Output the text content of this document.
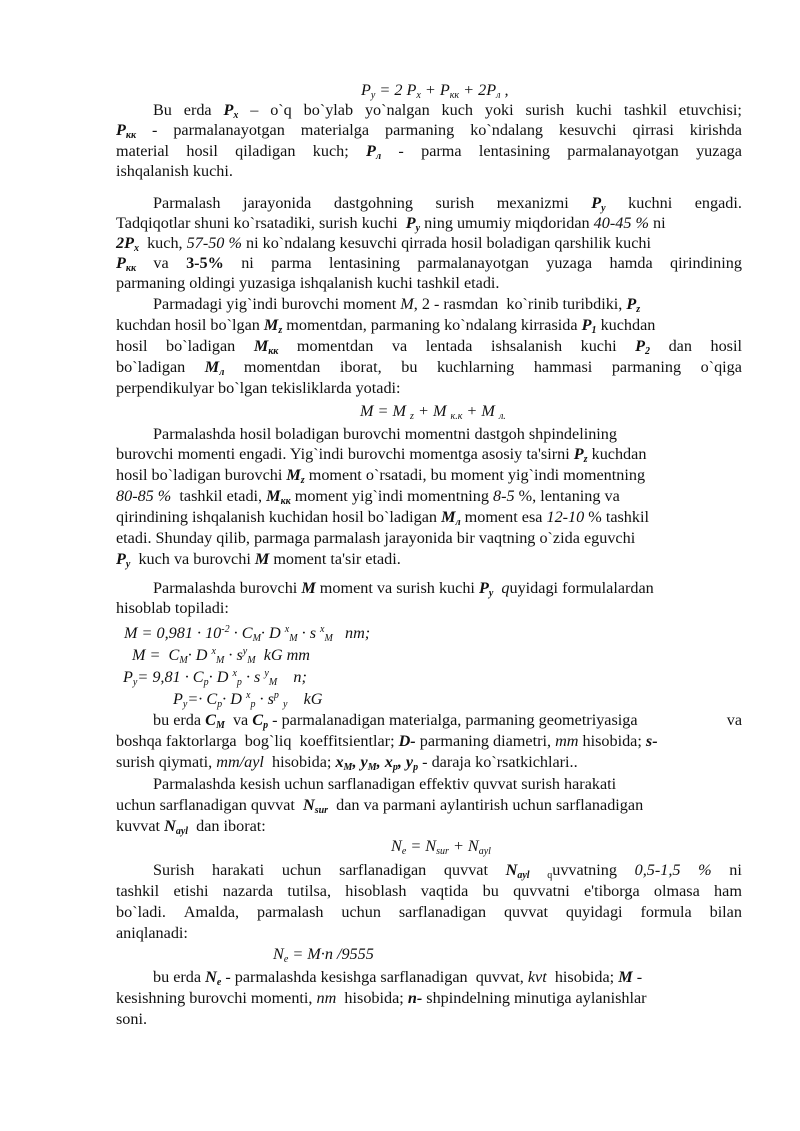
Py = 2 Px + Pкк + 2Pл ,
Bu erda Px – o`q bo`ylab yo`nalgan kuch yoki surish kuchi tashkil etuvchisi;
Pкк - parmalanayotgan materialga parmaning ko`ndalang kesuvchi qirrasi kirishda
material hosil qiladigan kuch; Pл - parma lentasining parmalanayotgan yuzaga
ishqalanish kuchi.
Parmalash jarayonida dastgohning surish mexanizmi Py kuchni engadi.
Tadqiqotlar shuni ko`rsatadiki, surish kuchi  Py ning umumiy miqdoridan 40-45 % ni
2Px  kuch, 57-50 % ni ko`ndalang kesuvchi qirrada hosil boladigan qarshilik kuchi
Pкк va 3-5% ni parma lentasining parmalanayotgan yuzaga hamda qirindining
parmaning oldingi yuzasiga ishqalanish kuchi tashkil etadi.
Parmadagi yig`indi burovchi moment M, 2 - rasmdan  ko`rinib turibdiki, Pz
kuchdan hosil bo`lgan Mz momentdan, parmaning ko`ndalang kirrasida P1 kuchdan
hosil bo`ladigan Mкк momentdan va lentada ishsalanish kuchi P2 dan hosil
bo`ladigan Mл momentdan iborat, bu kuchlarning hammasi parmaning o`qiga
perpendikulyar bo`lgan tekisliklarda yotadi:
M = M z + M к.к + M л.
Parmalashda hosil boladigan burovchi momentni dastgoh shpindelining
burovchi momenti engadi. Yig`indi burovchi momentga asosiy ta'sirni Pz kuchdan
hosil bo`ladigan burovchi Mz moment o`rsatadi, bu moment yig`indi momentning
80-85 % tashkil etadi, Mкк moment yig`indi momentning 8-5 %, lentaning va
qirindining ishqalanish kuchidan hosil bo`ladigan Mл moment esa 12-10 % tashkil
etadi. Shunday qilib, parmaga parmalash jarayonida bir vaqtning o`zida eguvchi
Py kuch va burovchi M moment ta'sir etadi.
Parmalashda burovchi M moment va surish kuchi Py quyidagi formulalardan
hisoblab topiladi:
$M = 0,981 \cdot 10^{-2} \cdot CM\cdot D$ $^x$M · s $^x$M   nm;
M =  CM· D $^xM \cdot s^yM$  kG mm
Py= 9,81 · Cp· D $^x$p · s $^y$M    n;
Py=· Cp· D $^xp \cdot s^p$ y    kG
bu erda CM  va Cp - parmalanadigan materialga, parmaning geometriyasiga	va
boshqa faktorlarga  bog`liq  koeffitsientlar; D- parmaning diametri, mm hisobida; s-
surish qiymati, mm/ayl  hisobida; xM, yM, xp, yp - daraja ko`rsatkichlari..
Parmalashda kesish uchun sarflanadigan effektiv quvvat surish harakati
uchun sarflanadigan quvvat  Nsur  dan va parmani aylantirish uchun sarflanadigan
kuvvat Nayl  dan iborat:
Ne = Nsur + Nayl
Surish harakati uchun sarflanadigan quvvat Nayl quvvatning 0,5-1,5 % ni
tashkil etishi nazarda tutilsa, hisoblash vaqtida bu quvvatni e'tiborga olmasa ham
bo`ladi. Amalda, parmalash uchun sarflanadigan quvvat quyidagi formula bilan
aniqlanadi:
Ne = M·n /9555
bu erda Ne - parmalashda kesishga sarflanadigan  quvvat, kvt  hisobida; M -
kesishning burovchi momenti, nm  hisobida; n- shpindelning minutiga aylanishlar
soni.
